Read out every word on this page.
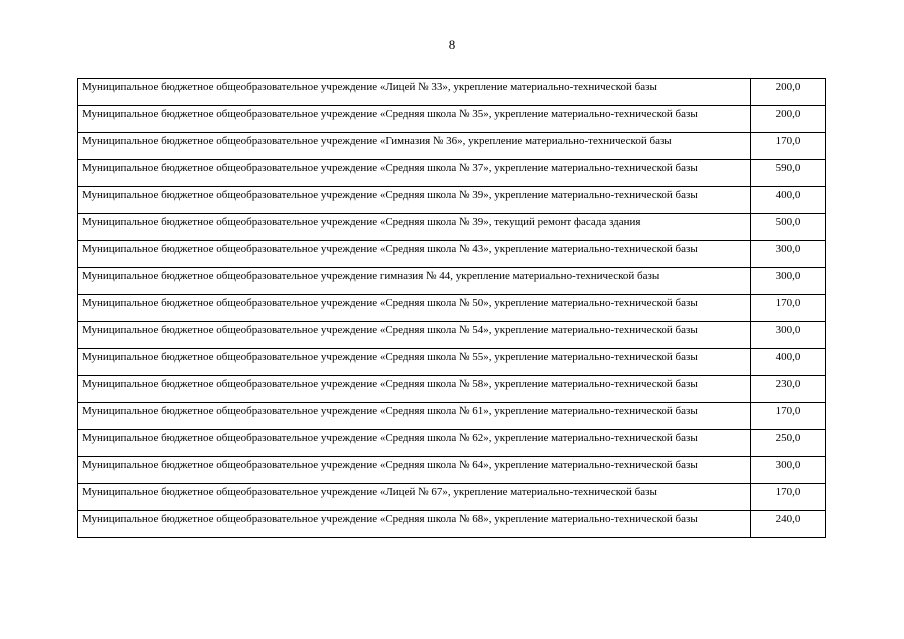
8
Муниципальное бюджетное общеобразовательное учреждение «Лицей № 33», укрепление материально-технической базы	200,0
Муниципальное бюджетное общеобразовательное учреждение «Средняя школа № 35», укрепление материально-технической базы	200,0
Муниципальное бюджетное общеобразовательное учреждение «Гимназия № 36», укрепление материально-технической базы	170,0
Муниципальное бюджетное общеобразовательное учреждение «Средняя школа № 37», укрепление материально-технической базы	590,0
Муниципальное бюджетное общеобразовательное учреждение «Средняя школа № 39», укрепление материально-технической базы	400,0
Муниципальное бюджетное общеобразовательное учреждение «Средняя школа № 39», текущий ремонт фасада здания	500,0
Муниципальное бюджетное общеобразовательное учреждение «Средняя школа № 43», укрепление материально-технической базы	300,0
Муниципальное бюджетное общеобразовательное учреждение гимназия № 44, укрепление материально-технической базы	300,0
Муниципальное бюджетное общеобразовательное учреждение «Средняя школа № 50», укрепление материально-технической базы	170,0
Муниципальное бюджетное общеобразовательное учреждение «Средняя школа № 54», укрепление материально-технической базы	300,0
Муниципальное бюджетное общеобразовательное учреждение «Средняя школа № 55», укрепление материально-технической базы	400,0
Муниципальное бюджетное общеобразовательное учреждение «Средняя школа № 58», укрепление материально-технической базы	230,0
Муниципальное бюджетное общеобразовательное учреждение «Средняя школа № 61», укрепление материально-технической базы	170,0
Муниципальное бюджетное общеобразовательное учреждение «Средняя школа № 62», укрепление материально-технической базы	250,0
Муниципальное бюджетное общеобразовательное учреждение «Средняя школа № 64», укрепление материально-технической базы	300,0
Муниципальное бюджетное общеобразовательное учреждение «Лицей № 67», укрепление материально-технической базы	170,0
Муниципальное бюджетное общеобразовательное учреждение «Средняя школа № 68», укрепление материально-технической базы	240,0
